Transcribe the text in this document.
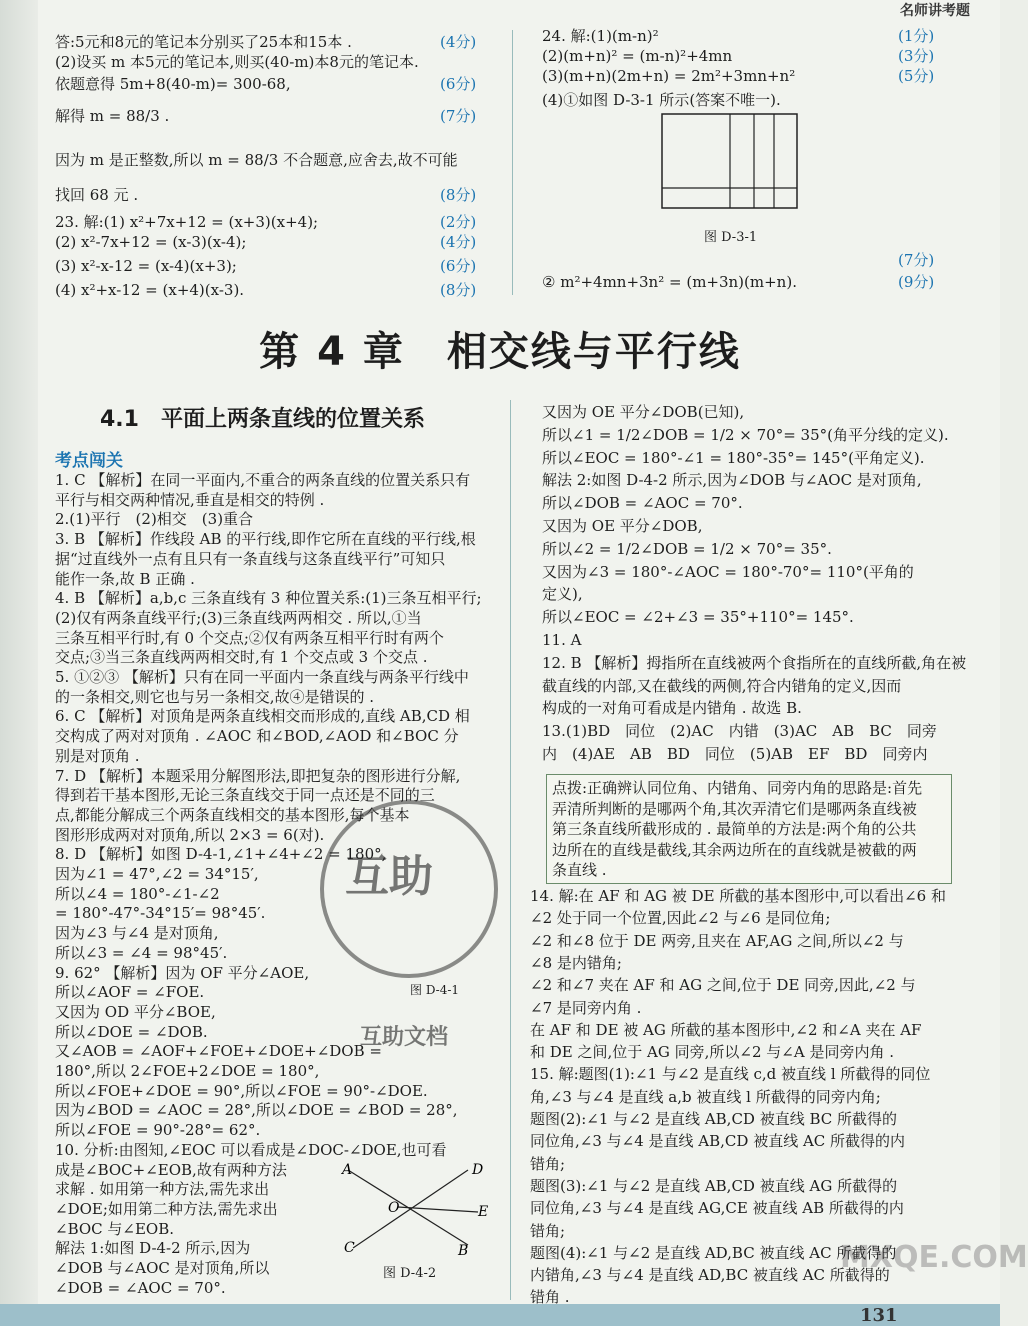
名师讲考题
图 D-3-1
(7分)
② m²+4mn+3n² = (m+3n)(m+n).	(9分)
第 4 章　相交线与平行线
4.1　平面上两条直线的位置关系
考点闯关
A	D
E
B
C
O
图 D-4-2
互助
互助文档
图 D-4-1
MXQE.COM
131
答:5元和8元的笔记本分别买了25本和15本 .	(4分)
(2)设买 m 本5元的笔记本,则买(40-m)本8元的笔记本.
依题意得 5m+8(40-m)= 300-68,	(6分)
解得 m = 88/3 .	(7分)
因为 m 是正整数,所以 m = 88/3 不合题意,应舍去,故不可能
找回 68 元 .	(8分)
23. 解:(1) x²+7x+12 = (x+3)(x+4);	(2分)
(2) x²-7x+12 = (x-3)(x-4);	(4分)
(3) x²-x-12 = (x-4)(x+3);	(6分)
(4) x²+x-12 = (x+4)(x-3).	(8分)
24. 解:(1)(m-n)²	(1分)
(2)(m+n)² = (m-n)²+4mn	(3分)
(3)(m+n)(2m+n) = 2m²+3mn+n²	(5分)
(4)①如图 D-3-1 所示(答案不唯一).
1. C 【解析】在同一平面内,不重合的两条直线的位置关系只有
平行与相交两种情况,垂直是相交的特例 .
2.(1)平行　(2)相交　(3)重合
3. B 【解析】作线段 AB 的平行线,即作它所在直线的平行线,根
据“过直线外一点有且只有一条直线与这条直线平行”可知只
能作一条,故 B 正确 .
4. B 【解析】a,b,c 三条直线有 3 种位置关系:(1)三条互相平行;
(2)仅有两条直线平行;(3)三条直线两两相交 . 所以,①当
三条互相平行时,有 0 个交点;②仅有两条互相平行时有两个
交点;③当三条直线两两相交时,有 1 个交点或 3 个交点 .
5. ①②③ 【解析】只有在同一平面内一条直线与两条平行线中
的一条相交,则它也与另一条相交,故④是错误的 .
6. C 【解析】对顶角是两条直线相交而形成的,直线 AB,CD 相
交构成了两对对顶角 . ∠AOC 和∠BOD,∠AOD 和∠BOC 分
别是对顶角 .
7. D 【解析】本题采用分解图形法,即把复杂的图形进行分解,
得到若干基本图形,无论三条直线交于同一点还是不同的三
点,都能分解成三个两条直线相交的基本图形,每个基本
图形形成两对对顶角,所以 2×3 = 6(对).
8. D 【解析】如图 D-4-1,∠1+∠4+∠2 = 180°,
因为∠1 = 47°,∠2 = 34°15′,
所以∠4 = 180°-∠1-∠2
= 180°-47°-34°15′= 98°45′.
因为∠3 与∠4 是对顶角,
所以∠3 = ∠4 = 98°45′.
9. 62° 【解析】因为 OF 平分∠AOE,
所以∠AOF = ∠FOE.
又因为 OD 平分∠BOE,
所以∠DOE = ∠DOB.
又∠AOB = ∠AOF+∠FOE+∠DOE+∠DOB =
180°,所以 2∠FOE+2∠DOE = 180°,
所以∠FOE+∠DOE = 90°,所以∠FOE = 90°-∠DOE.
因为∠BOD = ∠AOC = 28°,所以∠DOE = ∠BOD = 28°,
所以∠FOE = 90°-28°= 62°.
10. 分析:由图知,∠EOC 可以看成是∠DOC-∠DOE,也可看
成是∠BOC+∠EOB,故有两种方法
求解 . 如用第一种方法,需先求出
∠DOE;如用第二种方法,需先求出
∠BOC 与∠EOB.
解法 1:如图 D-4-2 所示,因为
∠DOB 与∠AOC 是对顶角,所以
∠DOB = ∠AOC = 70°.
又因为 OE 平分∠DOB(已知),
所以∠1 = 1/2∠DOB = 1/2 × 70°= 35°(角平分线的定义).
所以∠EOC = 180°-∠1 = 180°-35°= 145°(平角定义).
解法 2:如图 D-4-2 所示,因为∠DOB 与∠AOC 是对顶角,
所以∠DOB = ∠AOC = 70°.
又因为 OE 平分∠DOB,
所以∠2 = 1/2∠DOB = 1/2 × 70°= 35°.
又因为∠3 = 180°-∠AOC = 180°-70°= 110°(平角的
定义),
所以∠EOC = ∠2+∠3 = 35°+110°= 145°.
11. A
12. B 【解析】拇指所在直线被两个食指所在的直线所截,角在被
截直线的内部,又在截线的两侧,符合内错角的定义,因而
构成的一对角可看成是内错角 . 故选 B.
13.(1)BD　同位　(2)AC　内错　(3)AC　AB　BC　同旁
内　(4)AE　AB　BD　同位　(5)AB　EF　BD　同旁内
点拨:正确辨认同位角、内错角、同旁内角的思路是:首先
弄清所判断的是哪两个角,其次弄清它们是哪两条直线被
第三条直线所截形成的 . 最简单的方法是:两个角的公共
边所在的直线是截线,其余两边所在的直线就是被截的两
条直线 .
14. 解:在 AF 和 AG 被 DE 所截的基本图形中,可以看出∠6 和
∠2 处于同一个位置,因此∠2 与∠6 是同位角;
∠2 和∠8 位于 DE 两旁,且夹在 AF,AG 之间,所以∠2 与
∠8 是内错角;
∠2 和∠7 夹在 AF 和 AG 之间,位于 DE 同旁,因此,∠2 与
∠7 是同旁内角 .
在 AF 和 DE 被 AG 所截的基本图形中,∠2 和∠A 夹在 AF
和 DE 之间,位于 AG 同旁,所以∠2 与∠A 是同旁内角 .
15. 解:题图(1):∠1 与∠2 是直线 c,d 被直线 l 所截得的同位
角,∠3 与∠4 是直线 a,b 被直线 l 所截得的同旁内角;
题图(2):∠1 与∠2 是直线 AB,CD 被直线 BC 所截得的
同位角,∠3 与∠4 是直线 AB,CD 被直线 AC 所截得的内
错角;
题图(3):∠1 与∠2 是直线 AB,CD 被直线 AG 所截得的
同位角,∠3 与∠4 是直线 AG,CE 被直线 AB 所截得的内
错角;
题图(4):∠1 与∠2 是直线 AD,BC 被直线 AC 所截得的
内错角,∠3 与∠4 是直线 AD,BC 被直线 AC 所截得的
错角 .
